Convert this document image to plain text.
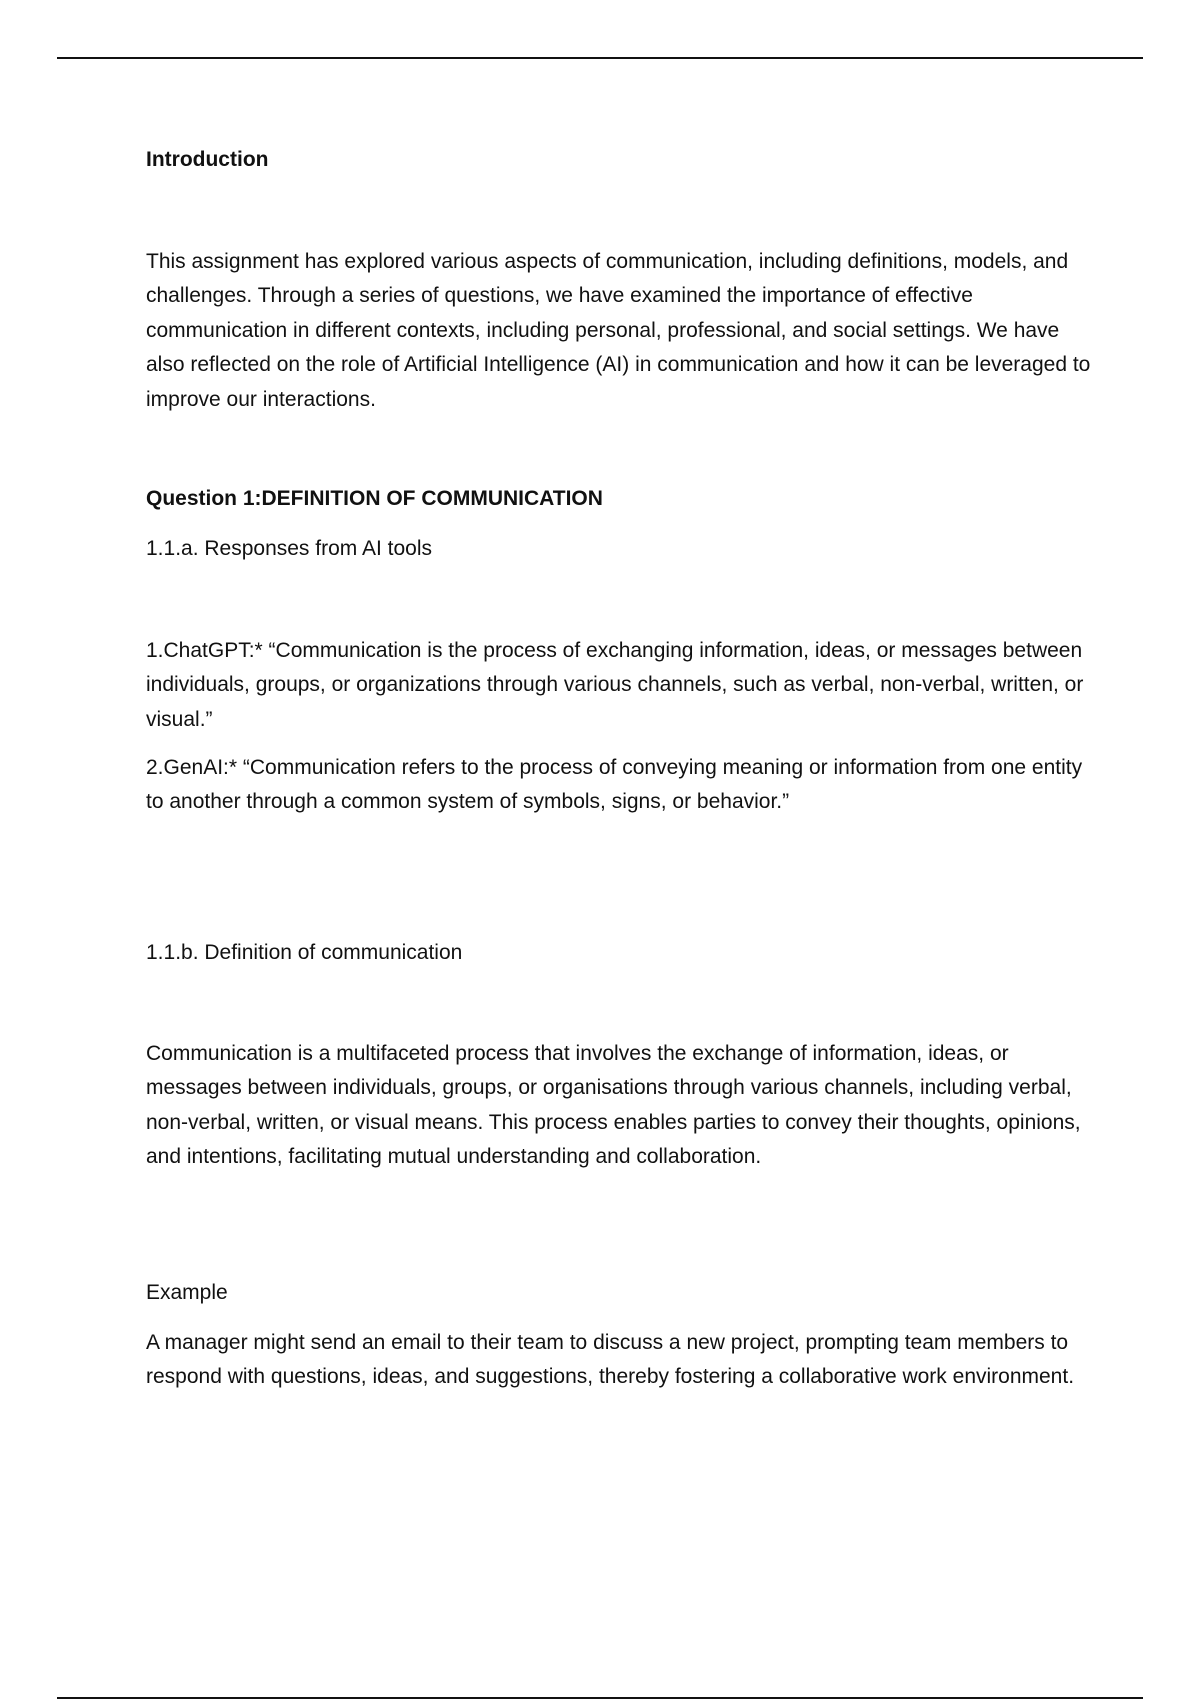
Introduction

This assignment has explored various aspects of communication, including definitions, models, and challenges. Through a series of questions, we have examined the importance of effective communication in different contexts, including personal, professional, and social settings. We have also reflected on the role of Artificial Intelligence (AI) in communication and how it can be leveraged to improve our interactions.

Question 1:DEFINITION OF COMMUNICATION

1.1.a. Responses from AI tools

1.ChatGPT:* “Communication is the process of exchanging information, ideas, or messages between individuals, groups, or organizations through various channels, such as verbal, non-verbal, written, or visual.”

2.GenAI:* “Communication refers to the process of conveying meaning or information from one entity to another through a common system of symbols, signs, or behavior.”

1.1.b. Definition of communication

Communication is a multifaceted process that involves the exchange of information, ideas, or messages between individuals, groups, or organisations through various channels, including verbal, non-verbal, written, or visual means. This process enables parties to convey their thoughts, opinions, and intentions, facilitating mutual understanding and collaboration.

Example

A manager might send an email to their team to discuss a new project, prompting team members to respond with questions, ideas, and suggestions, thereby fostering a collaborative work environment.
